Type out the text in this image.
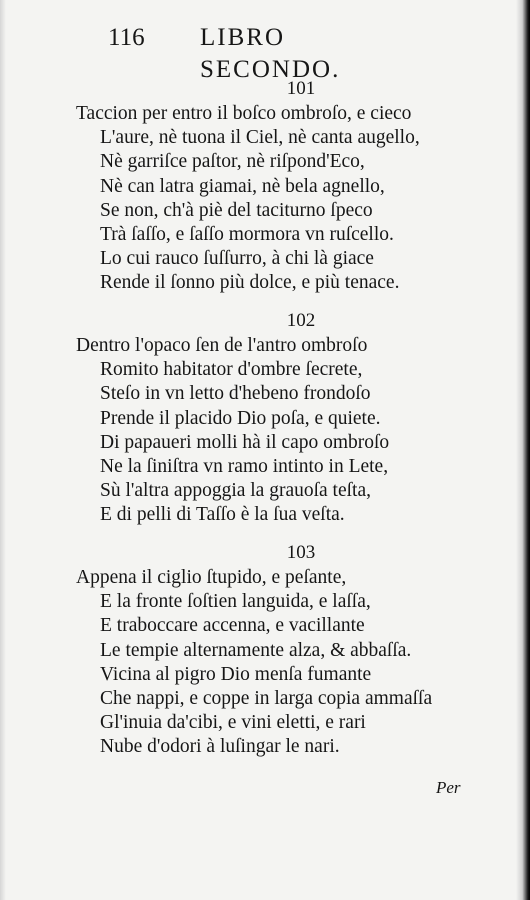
116 LIBRO SECONDO.
101
Taccion per entro il boſco ombroſo, e cieco
L'aure, nè tuona il Ciel, nè canta augello,
Nè garriſce paſtor, nè riſpond'Eco,
Nè can latra giamai, nè bela agnello,
Se non, ch'à piè del taciturno ſpeco
Trà ſaſſo, e ſaſſo mormora vn ruſcello.
Lo cui rauco ſuſſurro, à chi là giace
Rende il ſonno più dolce, e più tenace.
102
Dentro l'opaco ſen de l'antro ombroſo
Romito habitator d'ombre ſecrete,
Steſo in vn letto d'hebeno frondoſo
Prende il placido Dio poſa, e quiete.
Di papaueri molli hà il capo ombroſo
Ne la ſiniſtra vn ramo intinto in Lete,
Sù l'altra appoggia la grauoſa teſta,
E di pelli di Taſſo è la ſua veſta.
103
Appena il ciglio ſtupido, e peſante,
E la fronte ſoſtien languida, e laſſa,
E traboccare accenna, e vacillante
Le tempie alternamente alza, & abbaſſa.
Vicina al pigro Dio menſa fumante
Che nappi, e coppe in larga copia ammaſſa
Gl'inuia da'cibi, e vini eletti, e rari
Nube d'odori à luſingar le nari.
Per
